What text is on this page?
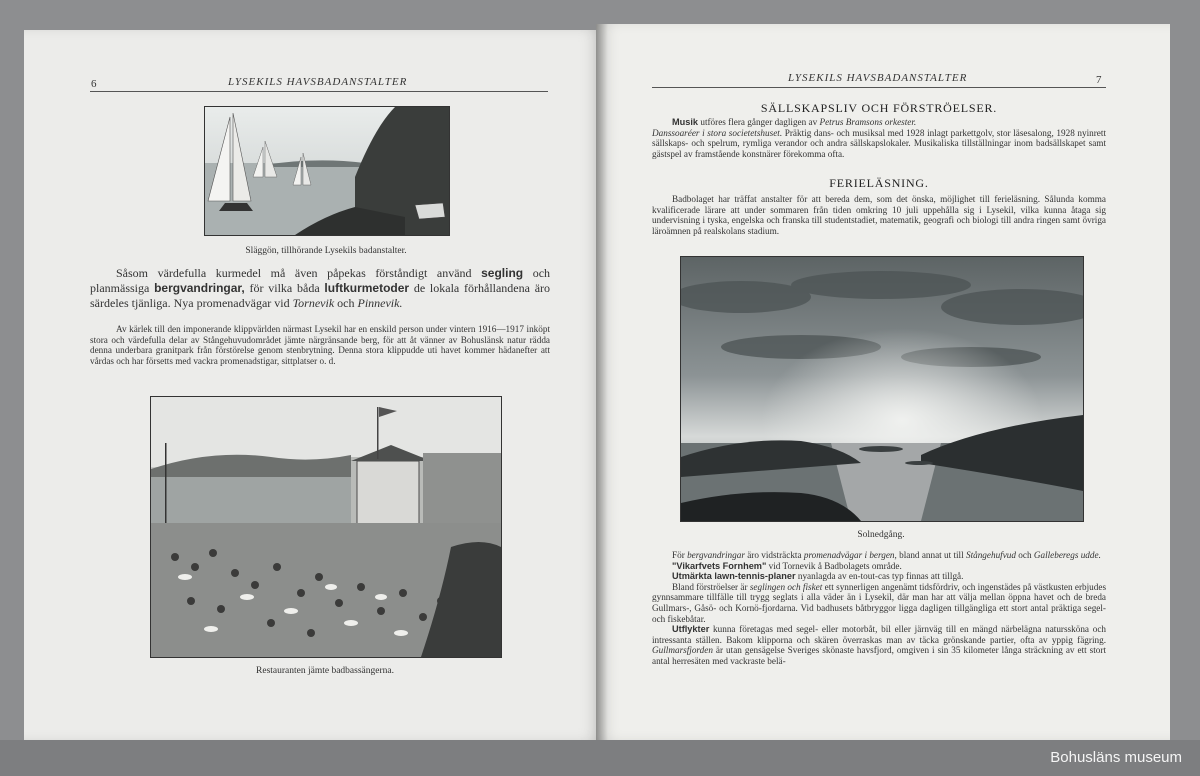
6	LYSEKILS HAVSBADANSTALTER
Släggön, tillhörande Lysekils badanstalter.

Såsom värdefulla kurmedel må även påpekas förståndigt använd segling och planmässiga bergvandringar, för vilka båda luftkurmetoder de lokala förhållandena äro särdeles tjänliga. Nya promenadvägar vid Tornevik och Pinnevik.

Av kärlek till den imponerande klippvärlden närmast Lysekil har en enskild person under vintern 1916—1917 inköpt stora och värdefulla delar av Stångehuvudområdet jämte närgränsande berg, för att åt vänner av Bohuslänsk natur rädda denna underbara granitpark från förstörelse genom stenbrytning. Denna stora klippudde uti havet kommer hädanefter att vårdas och har försetts med vackra promenadstigar, sittplatser o. d.

Restauranten jämte badbassängerna.
LYSEKILS HAVSBADANSTALTER	7
SÄLLSKAPSLIV OCH FÖRSTRÖELSER.

Musik utföres flera gånger dagligen av Petrus Bramsons orkester.
Danssoaréer i stora societetshuset. Präktig dans- och musiksal med 1928 inlagt parkettgolv, stor läsesalong, 1928 nyinrett sällskaps- och spelrum, rymliga verandor och andra sällskapslokaler. Musikaliska tillställningar inom badsällskapet samt gästspel av framstående konstnärer förekomma ofta.

FERIELÄSNING.

Badbolaget har träffat anstalter för att bereda dem, som det önska, möjlighet till ferieläsning. Sålunda komma kvalificerade lärare att under sommaren från tiden omkring 10 juli uppehålla sig i Lysekil, vilka kunna åtaga sig undervisning i tyska, engelska och franska till studentstadiet, matematik, geografi och biologi till andra ringen samt övriga läroämnen på realskolans stadium.

Solnedgång.

För bergvandringar äro vidsträckta promenadvägar i bergen, bland annat ut till Stångehufvud och Galleberegs udde.
"Vikarfvets Fornhem" vid Tornevik å Badbolagets område.
Utmärkta lawn-tennis-planer nyanlagda av en-tout-cas typ finnas att tillgå.
Bland förströelser är seglingen och fisket ett synnerligen angenämt tidsfördriv, och ingenstädes på västkusten erbjudes gynnsammare tillfälle till trygg seglats i alla väder än i Lysekil, där man har att välja mellan öppna havet och de breda Gullmars-, Gåsö- och Kornö-fjordarna. Vid badhusets båtbryggor ligga dagligen tillgängliga ett stort antal präktiga segel- och fiskebåtar.
Utflykter kunna företagas med segel- eller motorbåt, bil eller järnväg till en mängd närbelägna naturssköna och intressanta ställen. Bakom klipporna och skären överraskas man av täcka grönskande partier, ofta av yppig fägring. Gullmarsfjorden är utan gensägelse Sveriges skönaste havsfjord, omgiven i sin 35 kilometer långa sträckning av ett stort antal herresäten med vackraste belä-

Bohusläns museum
